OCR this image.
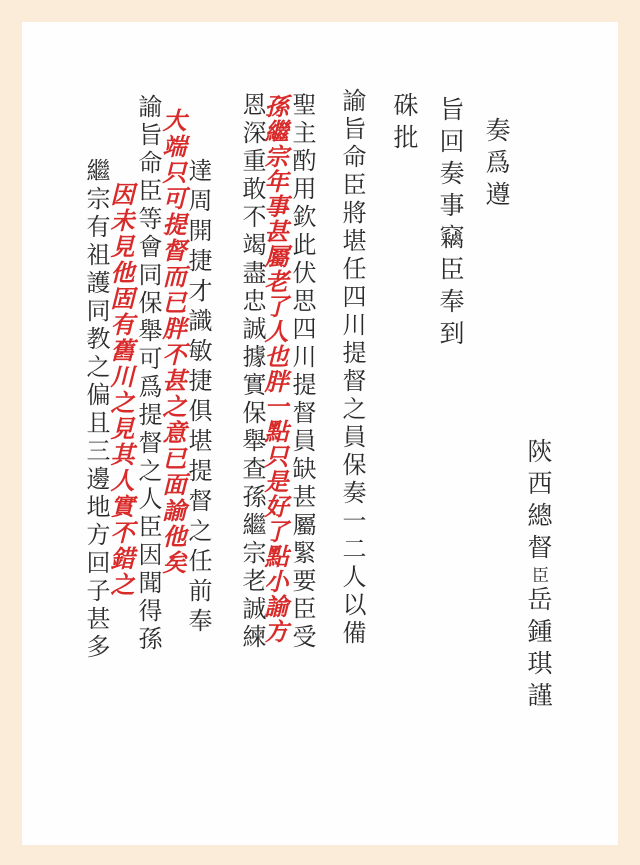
奏爲遵
旨回奏事竊臣奉到
硃批
諭旨命臣將堪任四川提督之員保奏一二人以備
聖主酌用欽此伏思四川提督員缺甚屬緊要臣受
恩深重敢不竭盡忠誠據實保舉查孫繼宗老誠練
孫繼宗年事甚屬老了人也胖一點只是好了點小諭方
達周開捷才識敏捷俱堪提督之任前奉
諭旨命臣等會同保舉可爲提督之人臣因聞得孫
大端只可提督而已胖不甚之意已面諭他矣
繼宗有祖護同教之偏且三邊地方回子甚多
因未見他固有舊川之見其人實不錯之	陝西總督臣岳鍾琪謹
